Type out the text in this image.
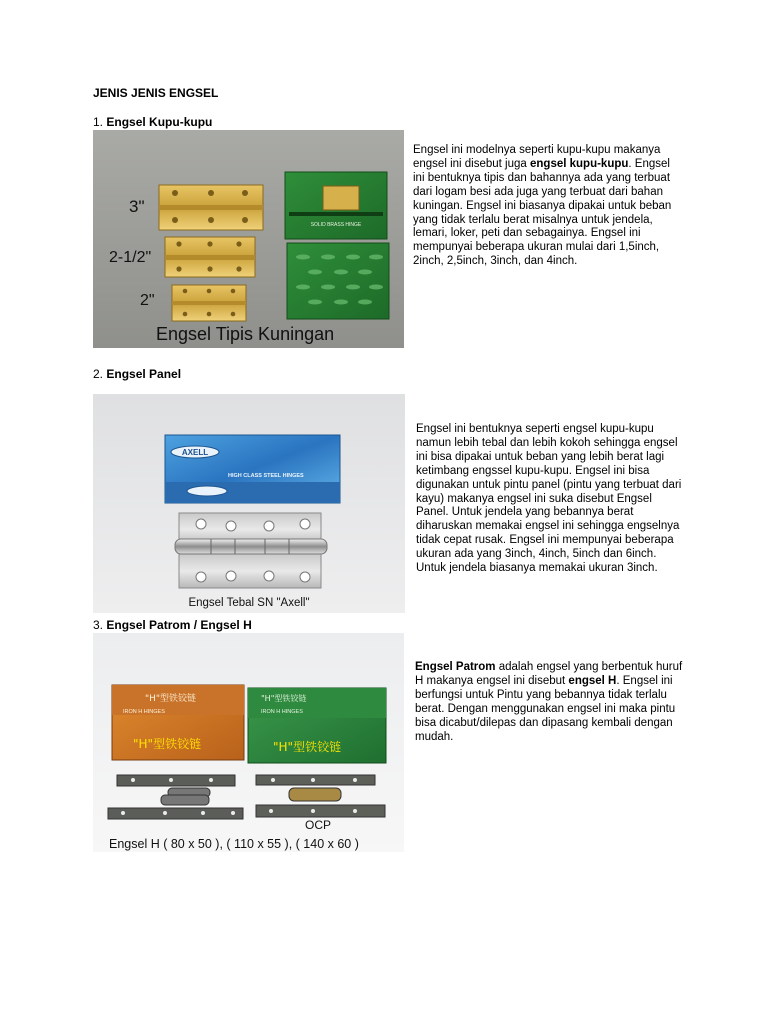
JENIS JENIS ENGSEL
1. Engsel Kupu-kupu
SOLID BRASS HINGE
3"
2-1/2"
2"
Engsel Tipis Kuningan
Engsel ini modelnya seperti kupu-kupu makanya engsel ini disebut juga engsel kupu-kupu. Engsel ini bentuknya tipis dan bahannya ada yang terbuat dari logam besi ada juga yang terbuat dari bahan kuningan. Engsel ini biasanya dipakai untuk beban yang tidak terlalu berat misalnya untuk jendela, lemari, loker, peti dan sebagainya. Engsel ini mempunyai beberapa ukuran mulai dari 1,5inch, 2inch, 2,5inch, 3inch, dan 4inch.
2. Engsel Panel
AXELL
HIGH CLASS STEEL HINGES
Engsel Tebal SN "Axell"
Engsel ini bentuknya seperti engsel kupu-kupu namun lebih tebal dan lebih kokoh sehingga engsel ini bisa dipakai untuk beban yang lebih berat lagi ketimbang engssel kupu-kupu. Engsel ini bisa digunakan untuk pintu panel (pintu yang terbuat dari kayu) makanya engsel ini suka disebut Engsel Panel. Untuk jendela yang bebannya berat diharuskan memakai engsel ini sehingga engselnya tidak cepat rusak. Engsel ini mempunyai beberapa ukuran ada yang 3inch, 4inch, 5inch dan 6inch. Untuk jendela biasanya memakai ukuran 3inch.
3. Engsel Patrom / Engsel H
"H"型铁铰链
IRON H HINGES
"H"型铁铰链
"H"型铁铰链
IRON H HINGES
"H"型铁铰链
OCP
Engsel H ( 80 x 50 ), ( 110 x 55 ), ( 140 x 60 )
Engsel Patrom adalah engsel yang berbentuk huruf H makanya engsel ini disebut engsel H. Engsel ini berfungsi untuk Pintu yang bebannya tidak terlalu berat. Dengan menggunakan engsel ini maka pintu bisa dicabut/dilepas dan dipasang kembali dengan mudah.
